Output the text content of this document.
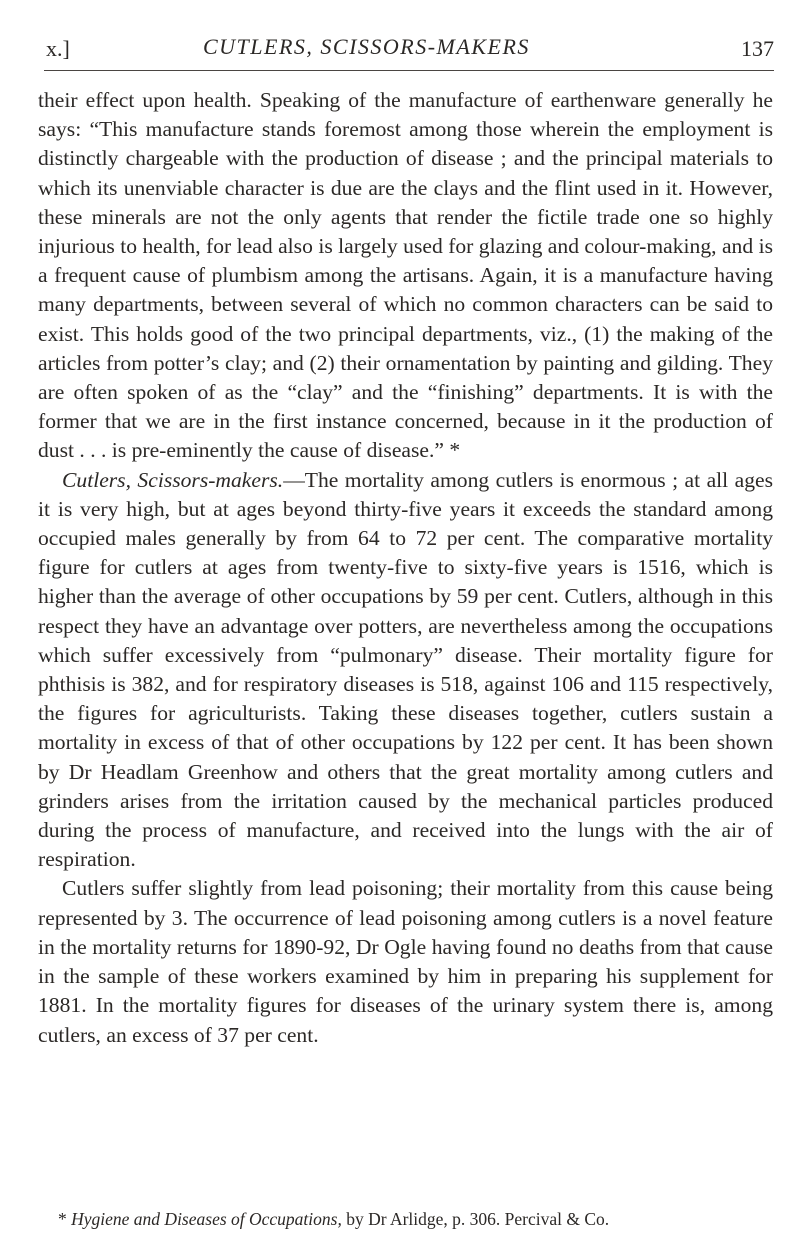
x.]	CUTLERS, SCISSORS-MAKERS	137

their effect upon health. Speaking of the manufacture of earthenware generally he says: “This manufacture stands foremost among those wherein the employment is distinctly chargeable with the production of disease ; and the principal materials to which its unenviable character is due are the clays and the flint used in it. However, these minerals are not the only agents that render the fictile trade one so highly injurious to health, for lead also is largely used for glazing and colour-making, and is a frequent cause of plumbism among the artisans. Again, it is a manufacture having many departments, between several of which no common characters can be said to exist. This holds good of the two principal departments, viz., (1) the making of the articles from potter’s clay; and (2) their ornamentation by painting and gilding. They are often spoken of as the “clay” and the “finishing” departments. It is with the former that we are in the first instance concerned, because in it the production of dust . . . is pre-eminently the cause of disease.” *

Cutlers, Scissors-makers.—The mortality among cutlers is enormous ; at all ages it is very high, but at ages beyond thirty-five years it exceeds the standard among occupied males generally by from 64 to 72 per cent. The comparative mortality figure for cutlers at ages from twenty-five to sixty-five years is 1516, which is higher than the average of other occupations by 59 per cent. Cutlers, although in this respect they have an advantage over potters, are nevertheless among the occupations which suffer excessively from “pulmonary” disease. Their mortality figure for phthisis is 382, and for respiratory diseases is 518, against 106 and 115 respectively, the figures for agriculturists. Taking these diseases together, cutlers sustain a mortality in excess of that of other occupations by 122 per cent. It has been shown by Dr Headlam Greenhow and others that the great mortality among cutlers and grinders arises from the irritation caused by the mechanical particles produced during the process of manufacture, and received into the lungs with the air of respiration.

Cutlers suffer slightly from lead poisoning; their mortality from this cause being represented by 3. The occurrence of lead poisoning among cutlers is a novel feature in the mortality returns for 1890-92, Dr Ogle having found no deaths from that cause in the sample of these workers examined by him in preparing his supplement for 1881. In the mortality figures for diseases of the urinary system there is, among cutlers, an excess of 37 per cent.

* Hygiene and Diseases of Occupations, by Dr Arlidge, p. 306. Percival & Co.
